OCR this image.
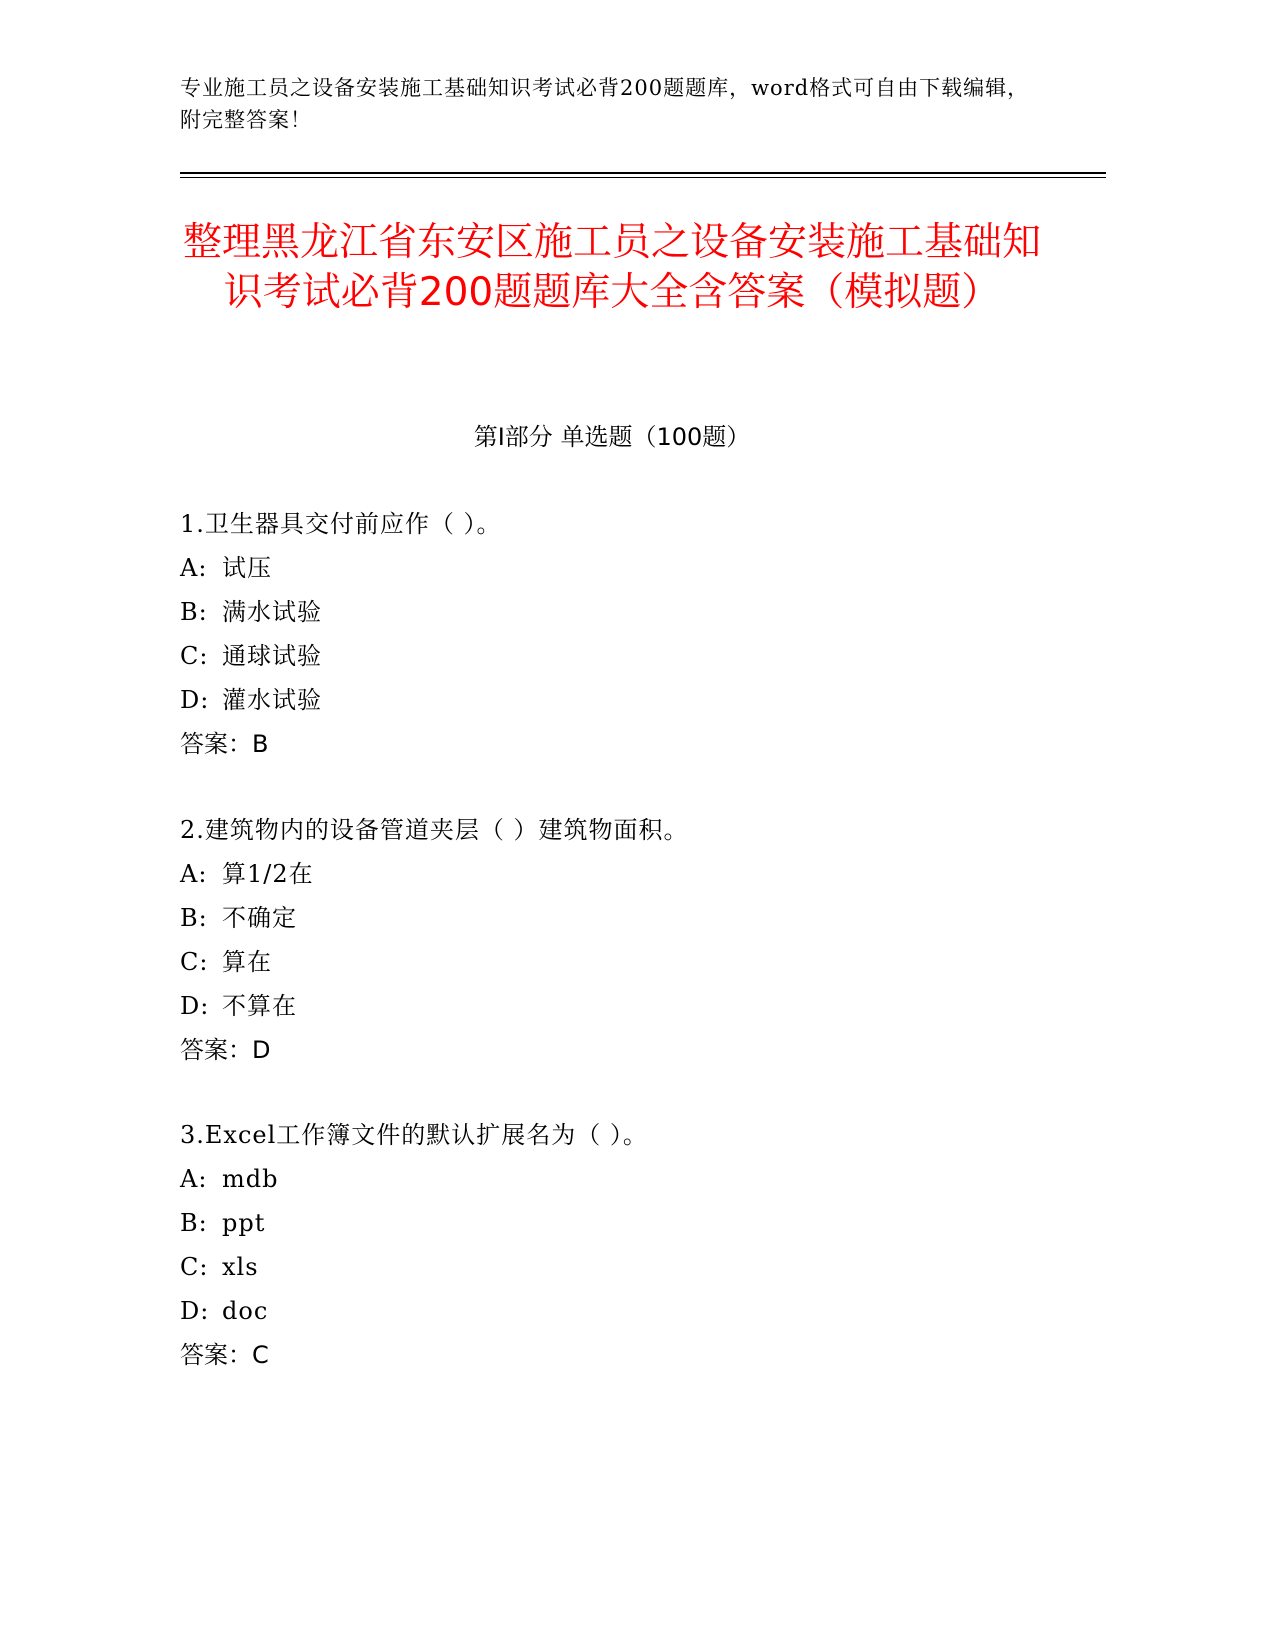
专业施工员之设备安装施工基础知识考试必背200题题库，word格式可自由下载编辑，附完整答案！
整理黑龙江省东安区施工员之设备安装施工基础知识考试必背200题题库大全含答案（模拟题）
第Ⅰ部分 单选题（100题）
1.卫生器具交付前应作（ ）。
A: 试压
B: 满水试验
C: 通球试验
D: 灌水试验
答案：B
2.建筑物内的设备管道夹层（ ）建筑物面积。
A: 算1/2在
B: 不确定
C: 算在
D: 不算在
答案：D
3.Excel工作簿文件的默认扩展名为（ ）。
A: mdb
B: ppt
C: xls
D: doc
答案：C
